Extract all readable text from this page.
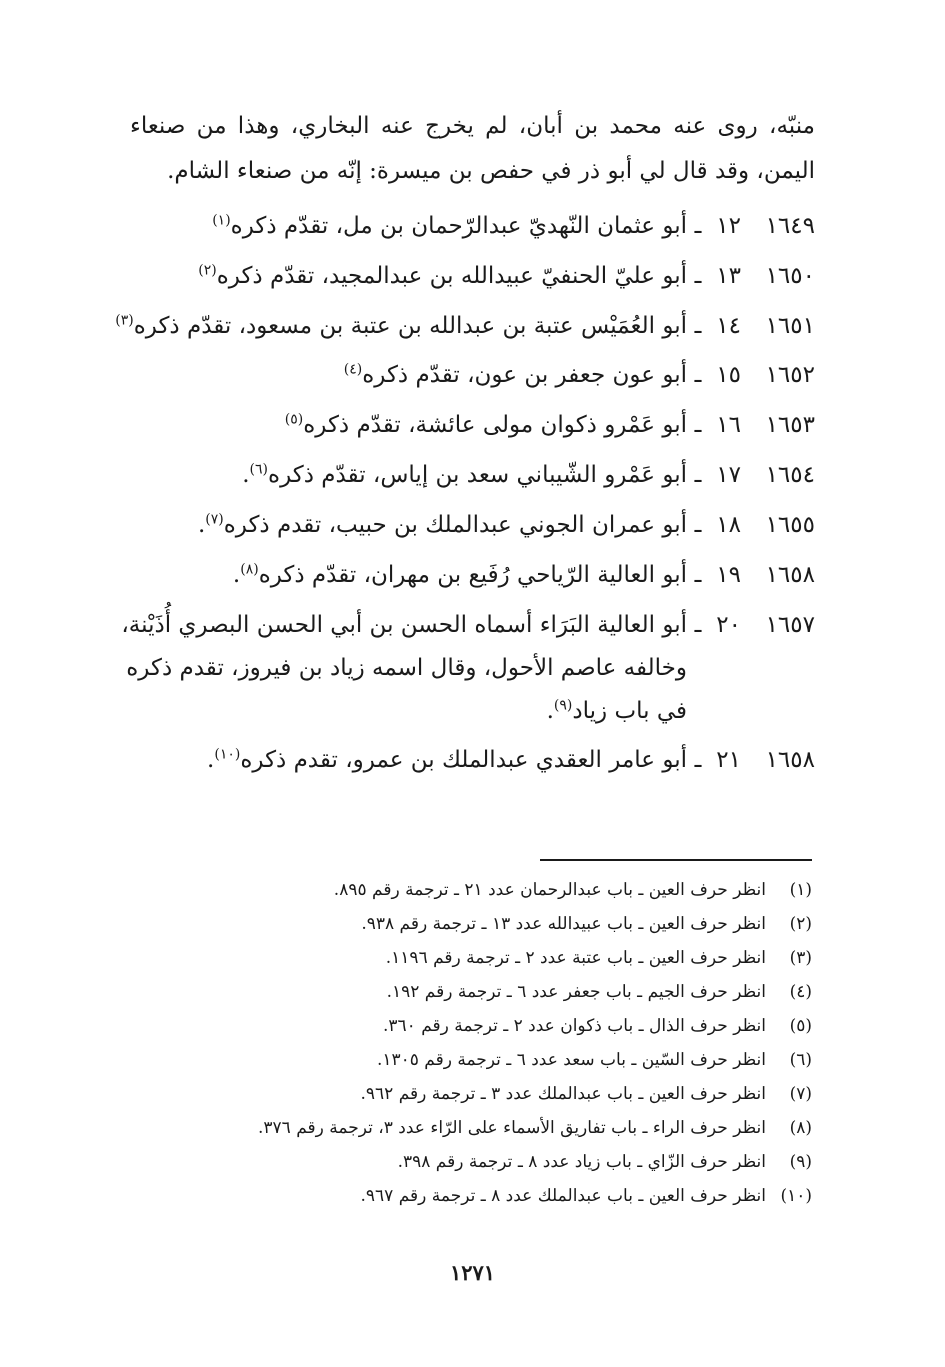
منبّه، روى عنه محمد بن أبان، لم يخرج عنه البخاري، وهذا من صنعاء اليمن، وقد قال لي أبو ذر في حفص بن ميسرة: إنّه من صنعاء الشام.

١٦٤٩
١٢
ـ
أبو عثمان النّهديّ عبدالرّحمان بن مل، تقدّم ذكره$^{(١)}$
١٦٥٠
١٣
ـ
أبو عليّ الحنفيّ عبيدالله بن عبدالمجيد، تقدّم ذكره$^{(٢)}$
١٦٥١
١٤
ـ
أبو العُمَيْس عتبة بن عبدالله بن عتبة بن مسعود، تقدّم ذكره$^{(٣)}$
١٦٥٢
١٥
ـ
أبو عون جعفر بن عون، تقدّم ذكره$^{(٤)}$
١٦٥٣
١٦
ـ
أبو عَمْرو ذكوان مولى عائشة، تقدّم ذكره$^{(٥)}$
١٦٥٤
١٧
ـ
أبو عَمْرو الشّيباني سعد بن إياس، تقدّم ذكره$^{(٦)}$.
١٦٥٥
١٨
ـ
أبو عمران الجوني عبدالملك بن حبيب، تقدم ذكره$^{(٧)}$.
١٦٥٨
١٩
ـ
أبو العالية الرّياحي رُفَيع بن مهران، تقدّم ذكره$^{(٨)}$.
١٦٥٧
٢٠
ـ
أبو العالية البَرَاء أسماه الحسن بن أبي الحسن البصري أُذَيْنة، وخالفه عاصم الأحول، وقال اسمه زياد بن فيروز، تقدم ذكره في باب زياد$^{(٩)}$.
١٦٥٨
٢١
ـ
أبو عامر العقدي عبدالملك بن عمرو، تقدم ذكره$^{(١٠)}$.
(١)
انظر حرف العين ـ باب عبدالرحمان عدد ٢١ ـ ترجمة رقم ٨٩٥.
(٢)
انظر حرف العين ـ باب عبيدالله عدد ١٣ ـ ترجمة رقم ٩٣٨.
(٣)
انظر حرف العين ـ باب عتبة عدد ٢ ـ ترجمة رقم ١١٩٦.
(٤)
انظر حرف الجيم ـ باب جعفر عدد ٦ ـ ترجمة رقم ١٩٢.
(٥)
انظر حرف الذال ـ باب ذكوان عدد ٢ ـ ترجمة رقم ٣٦٠.
(٦)
انظر حرف السّين ـ باب سعد عدد ٦ ـ ترجمة رقم ١٣٠٥.
(٧)
انظر حرف العين ـ باب عبدالملك عدد ٣ ـ ترجمة رقم ٩٦٢.
(٨)
انظر حرف الراء ـ باب تفاريق الأسماء على الرّاء عدد ٣، ترجمة رقم ٣٧٦.
(٩)
انظر حرف الزّاي ـ باب زياد عدد ٨ ـ ترجمة رقم ٣٩٨.
(١٠)
انظر حرف العين ـ باب عبدالملك عدد ٨ ـ ترجمة رقم ٩٦٧.
١٢٧١
